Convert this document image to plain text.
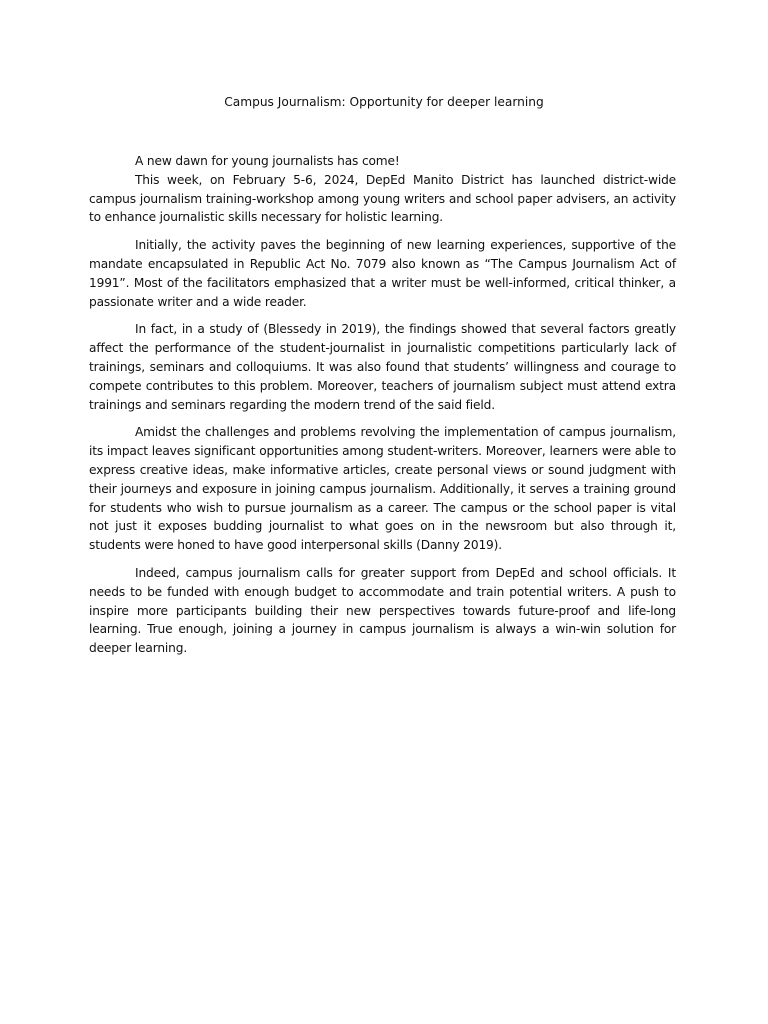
Campus Journalism: Opportunity for deeper learning

A new dawn for young journalists has come!

This week, on February 5-6, 2024, DepEd Manito District has launched district-wide campus journalism training-workshop among young writers and school paper advisers, an activity to enhance journalistic skills necessary for holistic learning.

Initially, the activity paves the beginning of new learning experiences, supportive of the mandate encapsulated in Republic Act No. 7079 also known as “The Campus Journalism Act of 1991”. Most of the facilitators emphasized that a writer must be well-informed, critical thinker, a passionate writer and a wide reader.

In fact, in a study of (Blessedy in 2019), the findings showed that several factors greatly affect the performance of the student-journalist in journalistic competitions particularly lack of trainings, seminars and colloquiums. It was also found that students’ willingness and courage to compete contributes to this problem. Moreover, teachers of journalism subject must attend extra trainings and seminars regarding the modern trend of the said field.

Amidst the challenges and problems revolving the implementation of campus journalism, its impact leaves significant opportunities among student-writers. Moreover, learners were able to express creative ideas, make informative articles, create personal views or sound judgment with their journeys and exposure in joining campus journalism. Additionally, it serves a training ground for students who wish to pursue journalism as a career. The campus or the school paper is vital not just it exposes budding journalist to what goes on in the newsroom but also through it, students were honed to have good interpersonal skills (Danny 2019).

Indeed, campus journalism calls for greater support from DepEd and school officials. It needs to be funded with enough budget to accommodate and train potential writers. A push to inspire more participants building their new perspectives towards future-proof and life-long learning. True enough, joining a journey in campus journalism is always a win-win solution for deeper learning.
